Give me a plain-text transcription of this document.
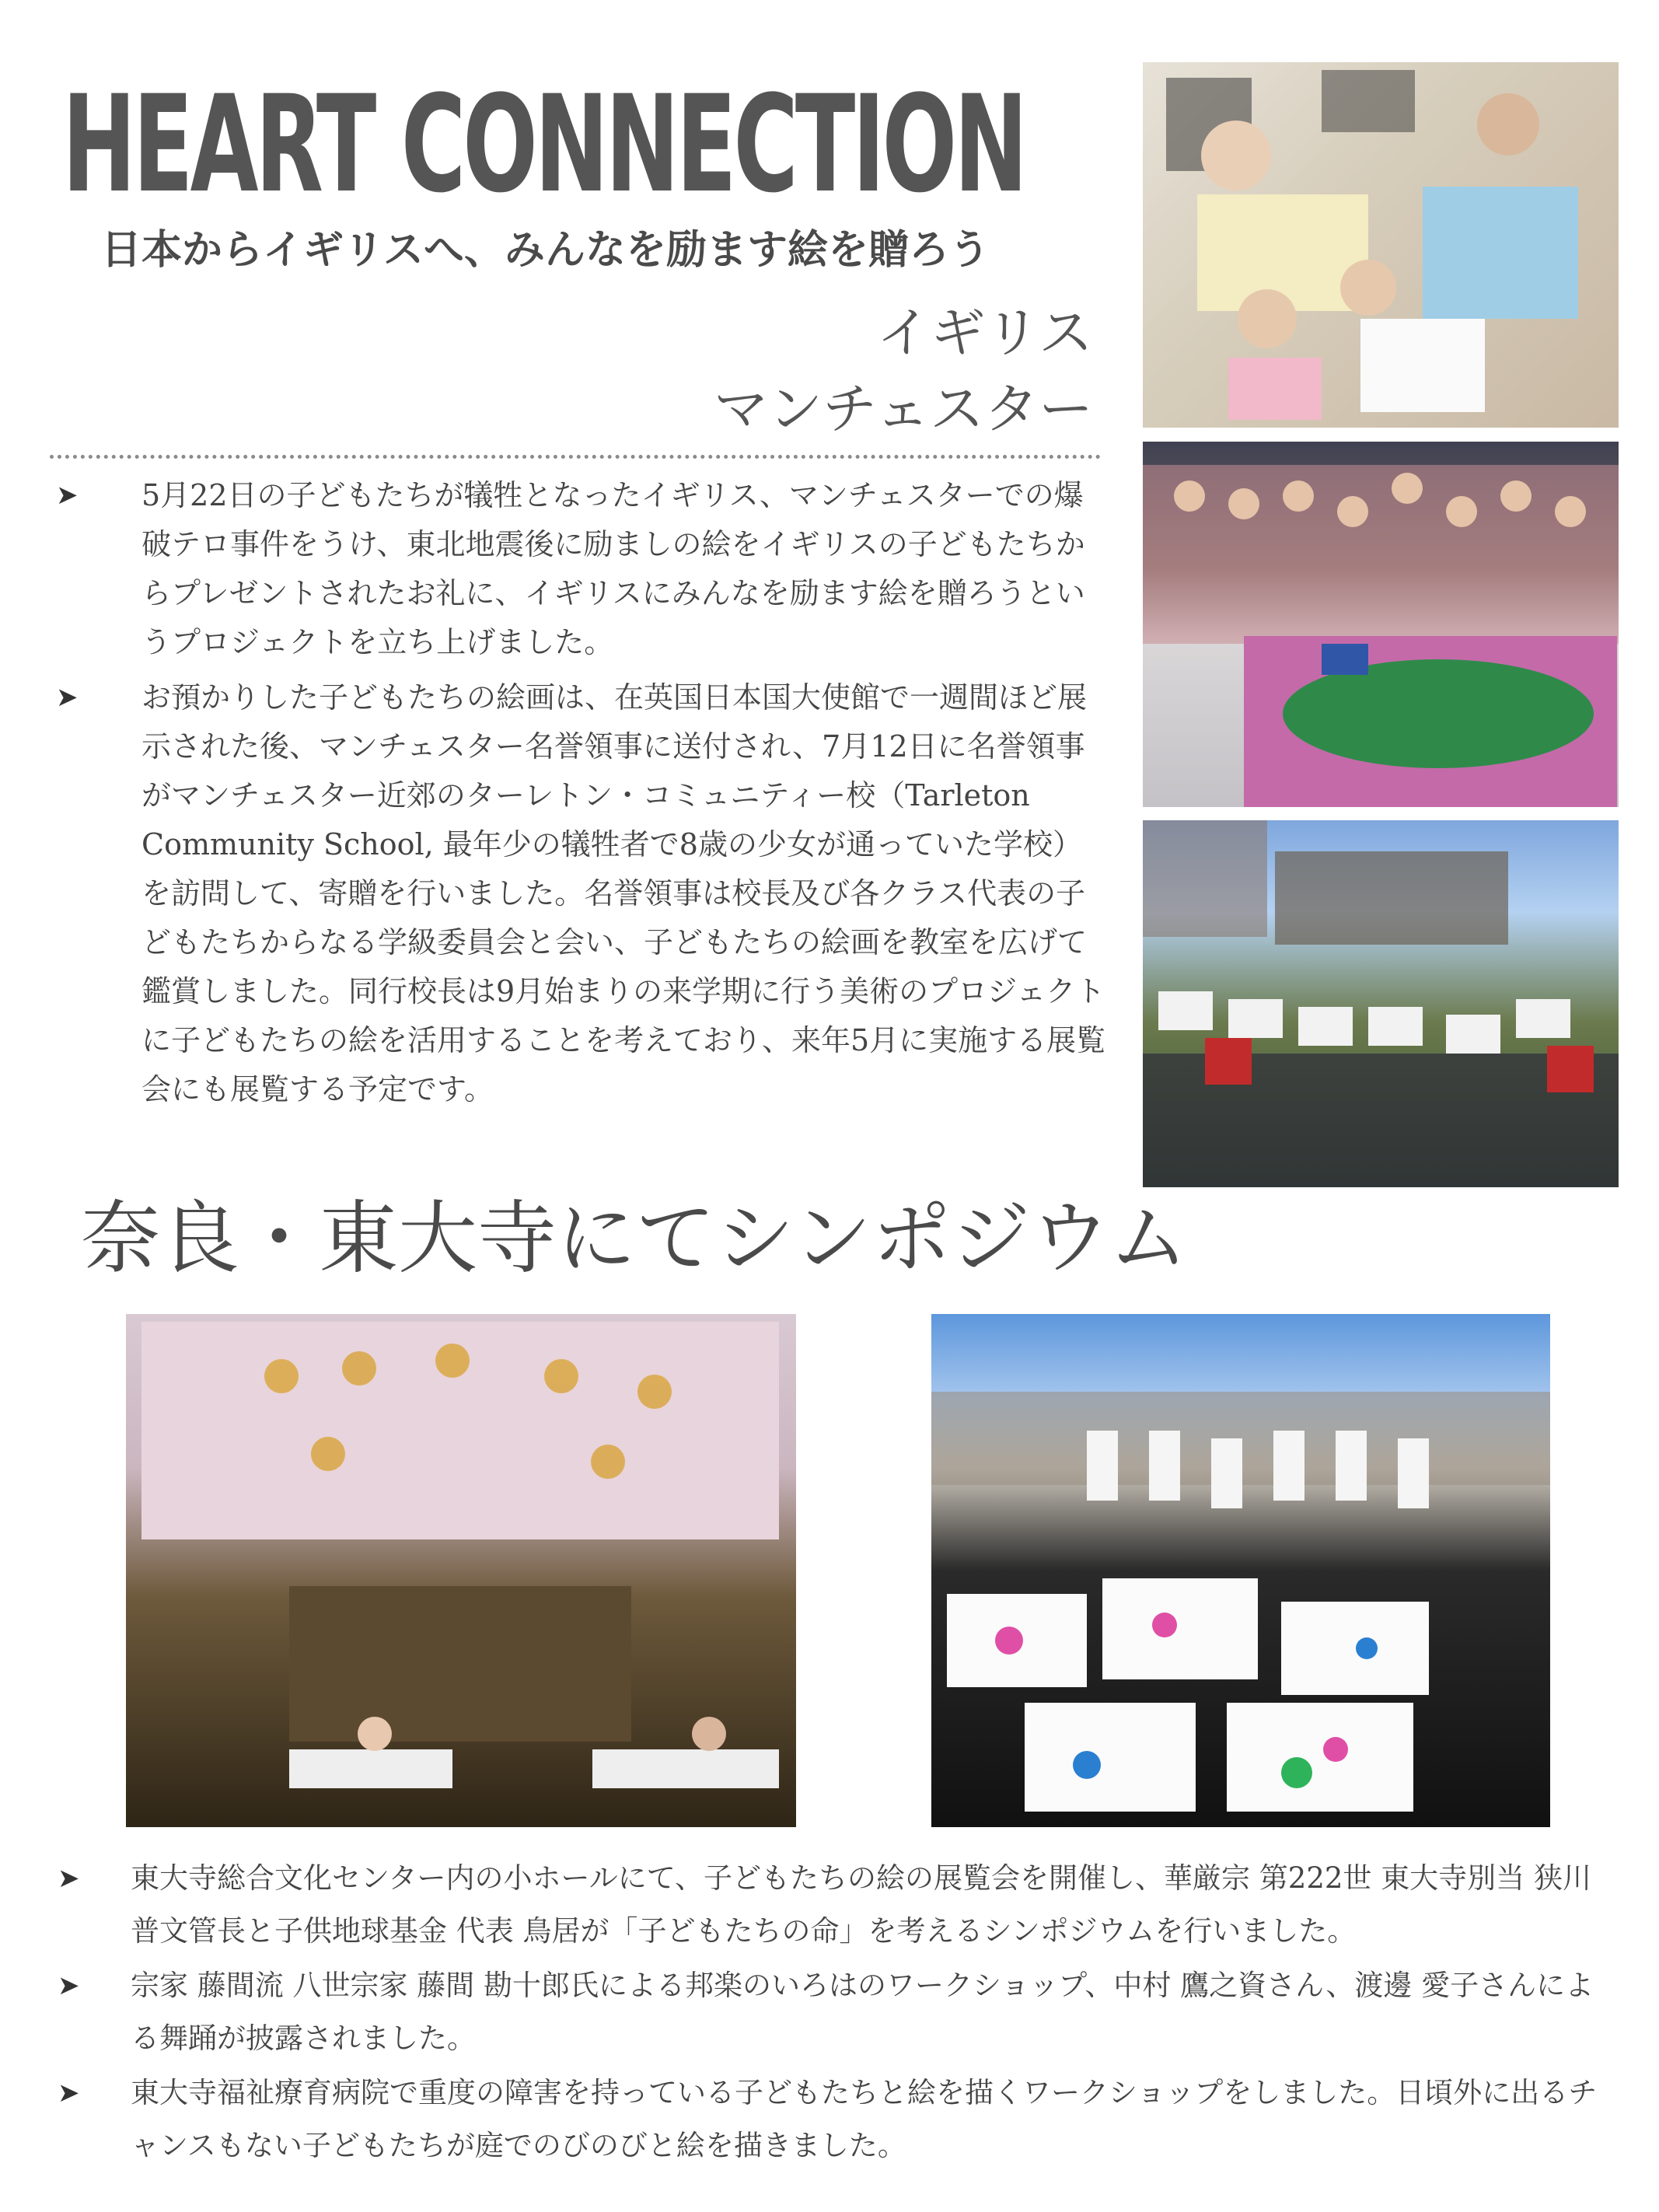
HEART CONNECTION
日本からイギリスへ、みんなを励ます絵を贈ろう
イギリス
マンチェスター
➤ 5月22日の子どもたちが犠牲となったイギリス、マンチェスターでの爆破テロ事件をうけ、東北地震後に励ましの絵をイギリスの子どもたちからプレゼントされたお礼に、イギリスにみんなを励ます絵を贈ろうというプロジェクトを立ち上げました。
➤ お預かりした子どもたちの絵画は、在英国日本国大使館で一週間ほど展示された後、マンチェスター名誉領事に送付され、7月12日に名誉領事がマンチェスター近郊のターレトン・コミュニティー校（Tarleton Community School, 最年少の犠牲者で8歳の少女が通っていた学校）を訪問して、寄贈を行いました。名誉領事は校長及び各クラス代表の子どもたちからなる学級委員会と会い、子どもたちの絵画を教室を広げて鑑賞しました。同行校長は9月始まりの来学期に行う美術のプロジェクトに子どもたちの絵を活用することを考えており、来年5月に実施する展覧会にも展覧する予定です。
奈良・東大寺にてシンポジウム
➤ 東大寺総合文化センター内の小ホールにて、子どもたちの絵の展覧会を開催し、華厳宗 第222世 東大寺別当 狭川普文管長と子供地球基金 代表 鳥居が「子どもたちの命」を考えるシンポジウムを行いました。
➤ 宗家 藤間流 八世宗家 藤間 勘十郎氏による邦楽のいろはのワークショップ、中村 鷹之資さん、渡邊 愛子さんによる舞踊が披露されました。
➤ 東大寺福祉療育病院で重度の障害を持っている子どもたちと絵を描くワークショップをしました。日頃外に出るチャンスもない子どもたちが庭でのびのびと絵を描きました。
